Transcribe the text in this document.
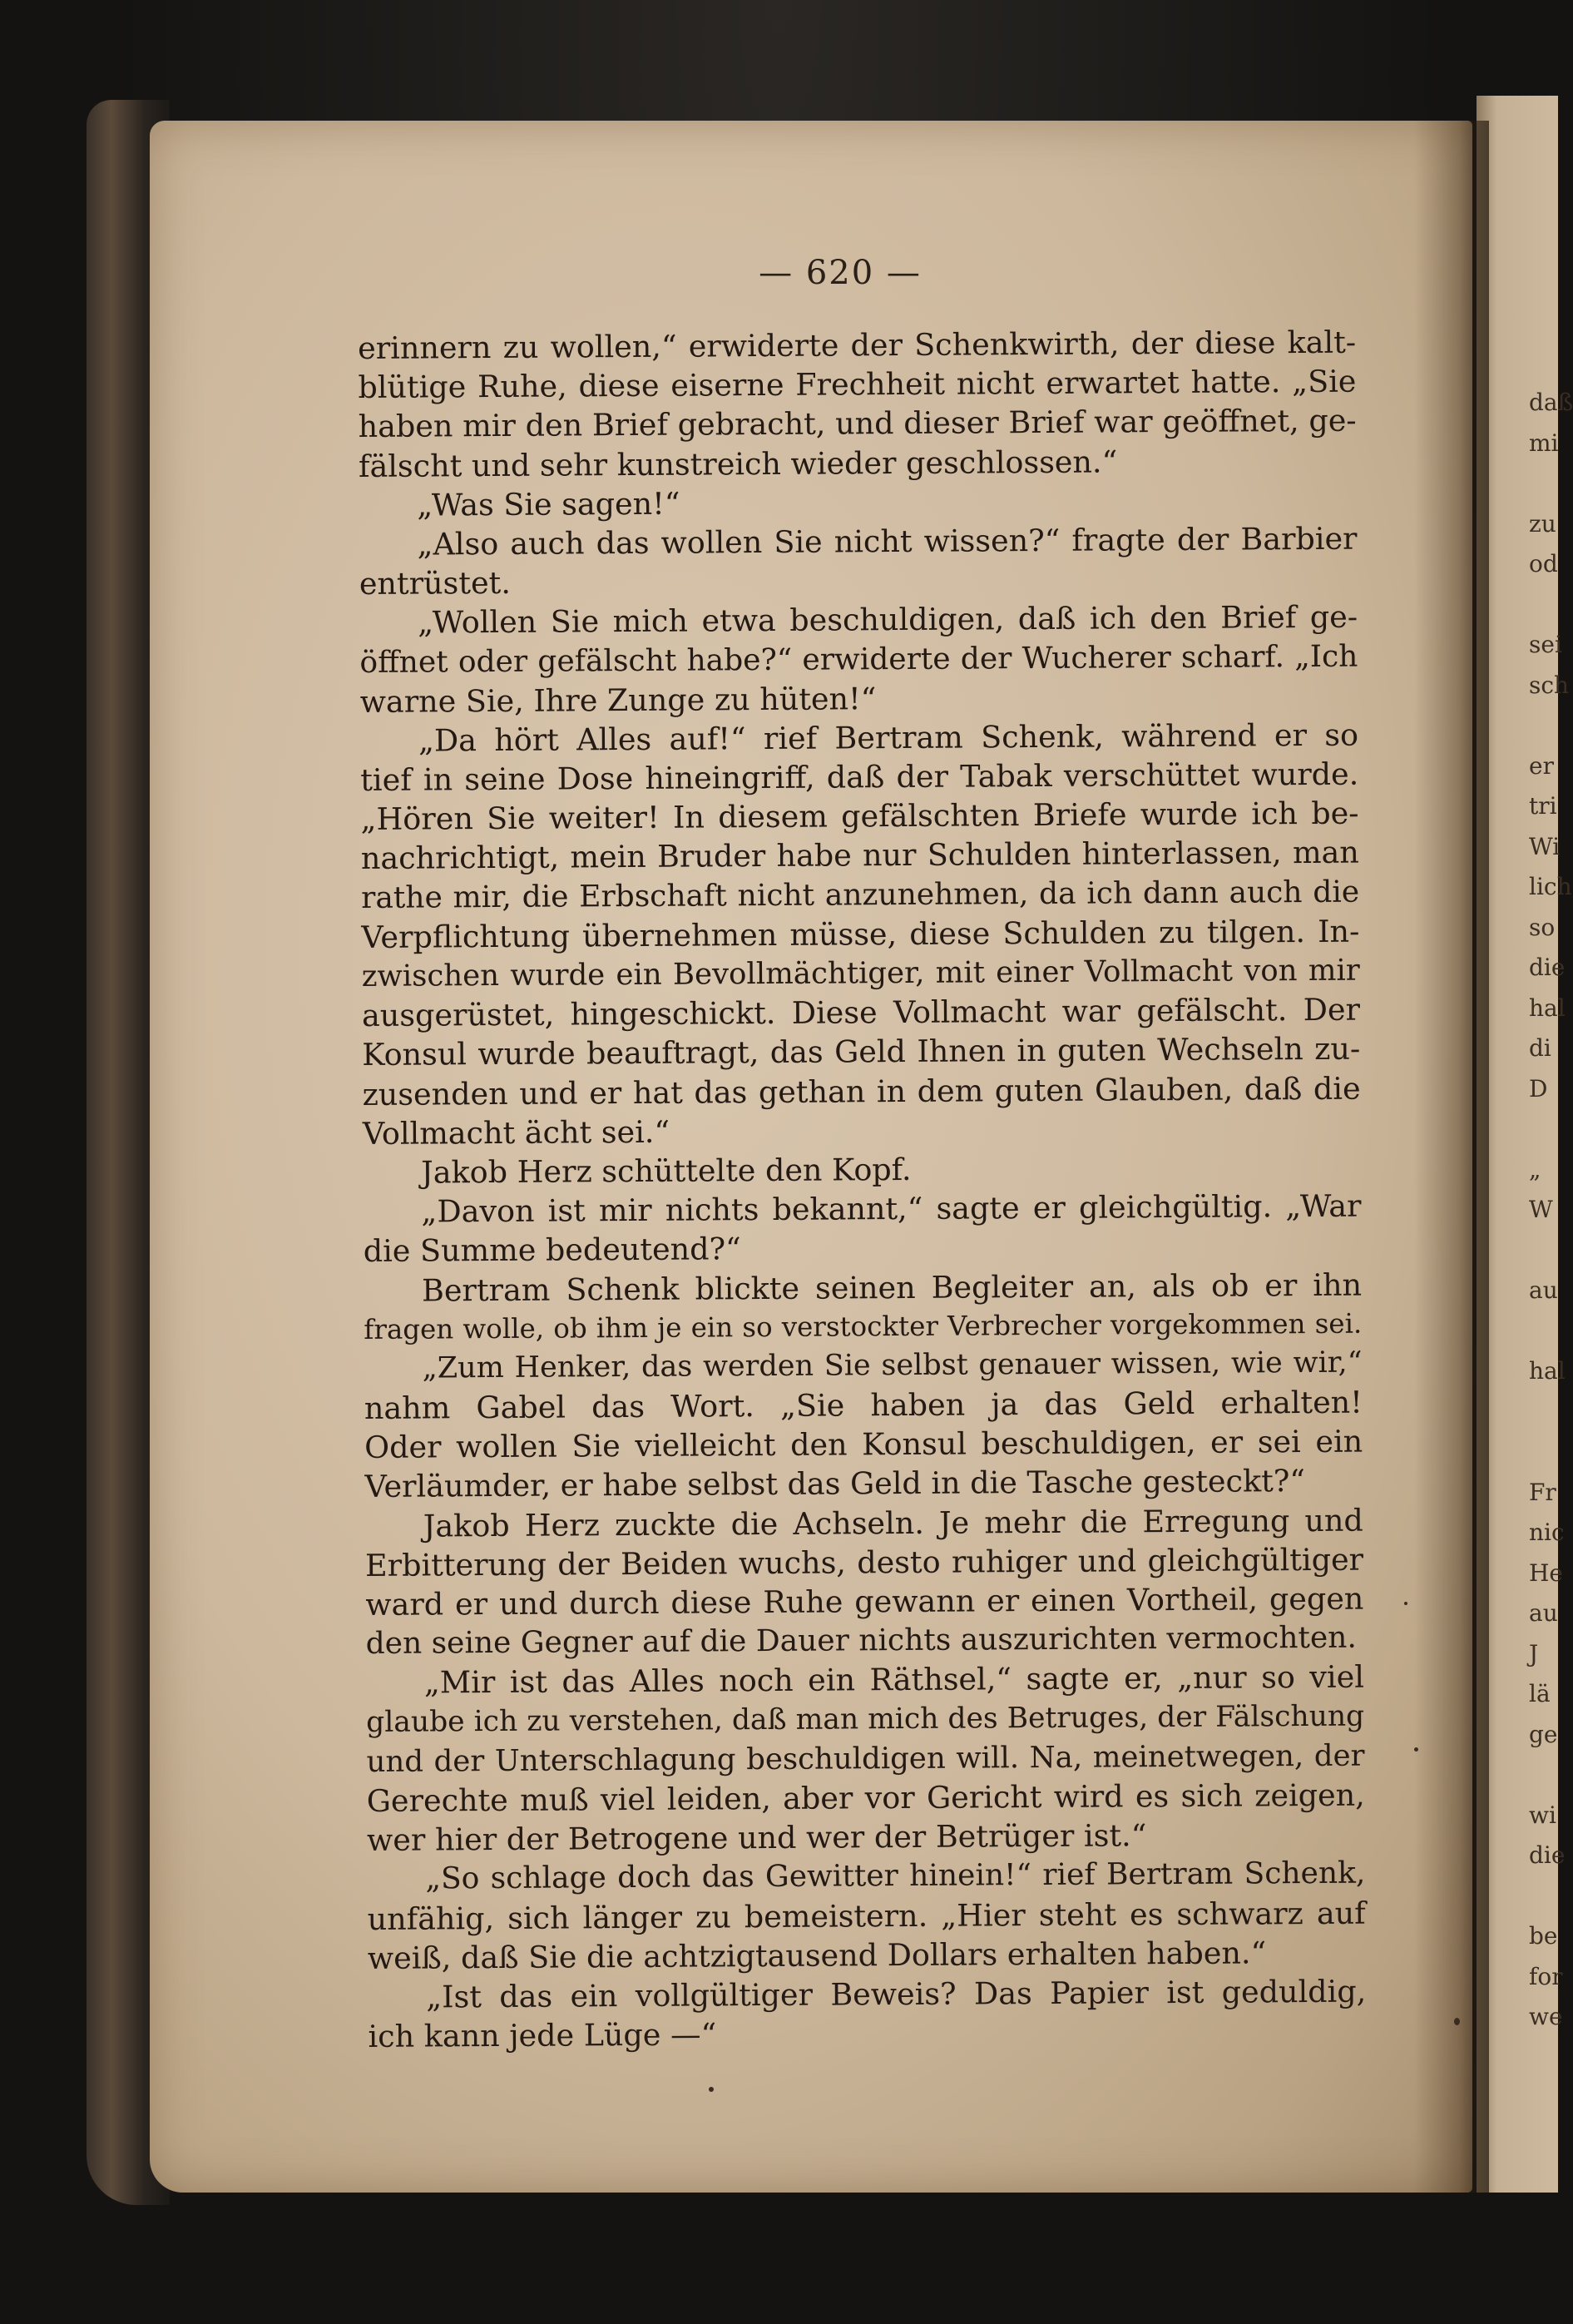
— 620 —
erinnern zu wollen,“ erwiderte der Schenkwirth, der diese kalt-
blütige Ruhe, diese eiserne Frechheit nicht erwartet hatte. „Sie
haben mir den Brief gebracht, und dieser Brief war geöffnet, ge-
fälscht und sehr kunstreich wieder geschlossen.“
„Was Sie sagen!“
„Also auch das wollen Sie nicht wissen?“ fragte der Barbier
entrüstet.
„Wollen Sie mich etwa beschuldigen, daß ich den Brief ge-
öffnet oder gefälscht habe?“ erwiderte der Wucherer scharf. „Ich
warne Sie, Ihre Zunge zu hüten!“
„Da hört Alles auf!“ rief Bertram Schenk, während er so
tief in seine Dose hineingriff, daß der Tabak verschüttet wurde.
„Hören Sie weiter! In diesem gefälschten Briefe wurde ich be-
nachrichtigt, mein Bruder habe nur Schulden hinterlassen, man
rathe mir, die Erbschaft nicht anzunehmen, da ich dann auch die
Verpflichtung übernehmen müsse, diese Schulden zu tilgen. In-
zwischen wurde ein Bevollmächtiger, mit einer Vollmacht von mir
ausgerüstet, hingeschickt. Diese Vollmacht war gefälscht. Der
Konsul wurde beauftragt, das Geld Ihnen in guten Wechseln zu-
zusenden und er hat das gethan in dem guten Glauben, daß die
Vollmacht ächt sei.“
Jakob Herz schüttelte den Kopf.
„Davon ist mir nichts bekannt,“ sagte er gleichgültig. „War
die Summe bedeutend?“
Bertram Schenk blickte seinen Begleiter an, als ob er ihn
fragen wolle, ob ihm je ein so verstockter Verbrecher vorgekommen sei.
„Zum Henker, das werden Sie selbst genauer wissen, wie wir,“
nahm Gabel das Wort. „Sie haben ja das Geld erhalten!
Oder wollen Sie vielleicht den Konsul beschuldigen, er sei ein
Verläumder, er habe selbst das Geld in die Tasche gesteckt?“
Jakob Herz zuckte die Achseln. Je mehr die Erregung und
Erbitterung der Beiden wuchs, desto ruhiger und gleichgültiger
ward er und durch diese Ruhe gewann er einen Vortheil, gegen
den seine Gegner auf die Dauer nichts auszurichten vermochten.
„Mir ist das Alles noch ein Räthsel,“ sagte er, „nur so viel
glaube ich zu verstehen, daß man mich des Betruges, der Fälschung
und der Unterschlagung beschuldigen will. Na, meinetwegen, der
Gerechte muß viel leiden, aber vor Gericht wird es sich zeigen,
wer hier der Betrogene und wer der Betrüger ist.“
„So schlage doch das Gewitter hinein!“ rief Bertram Schenk,
unfähig, sich länger zu bemeistern. „Hier steht es schwarz auf
weiß, daß Sie die achtzigtausend Dollars erhalten haben.“
„Ist das ein vollgültiger Beweis? Das Papier ist geduldig,
ich kann jede Lüge —“
daß
mi
zu
od
sei
sch
er
tri
Wi
lich
so
die
hal
di
D
„
W
au
hal
Fr
nic
He
au
J
lä
ge
wi
die
be
for
we
